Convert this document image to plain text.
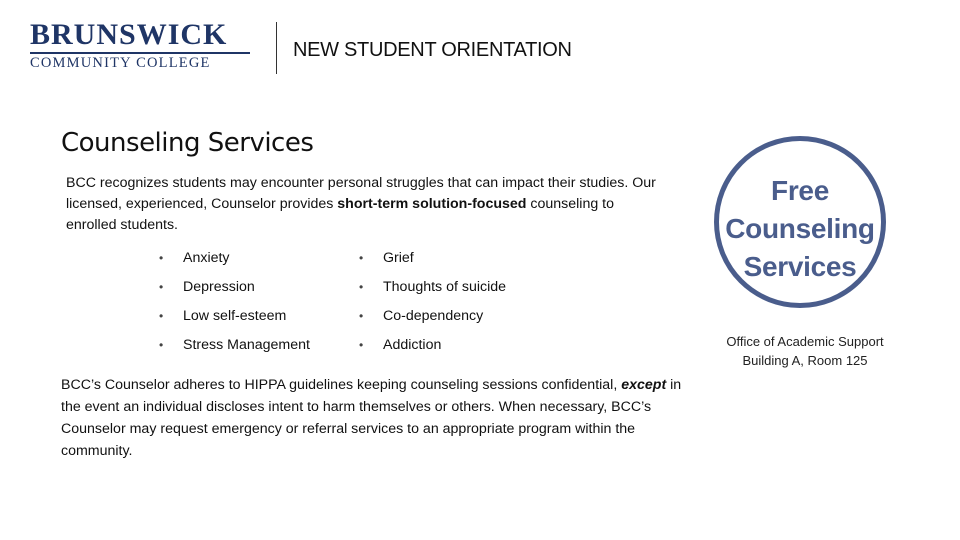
BRUNSWICK
COMMUNITY COLLEGE
NEW STUDENT ORIENTATION
Counseling Services
BCC recognizes students may encounter personal struggles that can impact their studies. Our licensed, experienced, Counselor provides short-term solution-focused counseling to enrolled students.
• Anxiety
• Depression
• Low self-esteem
• Stress Management
• Grief
• Thoughts of suicide
• Co-dependency
• Addiction
BCC’s Counselor adheres to HIPPA guidelines keeping counseling sessions confidential, except in the event an individual discloses intent to harm themselves or others. When necessary, BCC’s Counselor may request emergency or referral services to an appropriate program within the community.
Free
Counseling
Services
Office of Academic Support
Building A, Room 125
